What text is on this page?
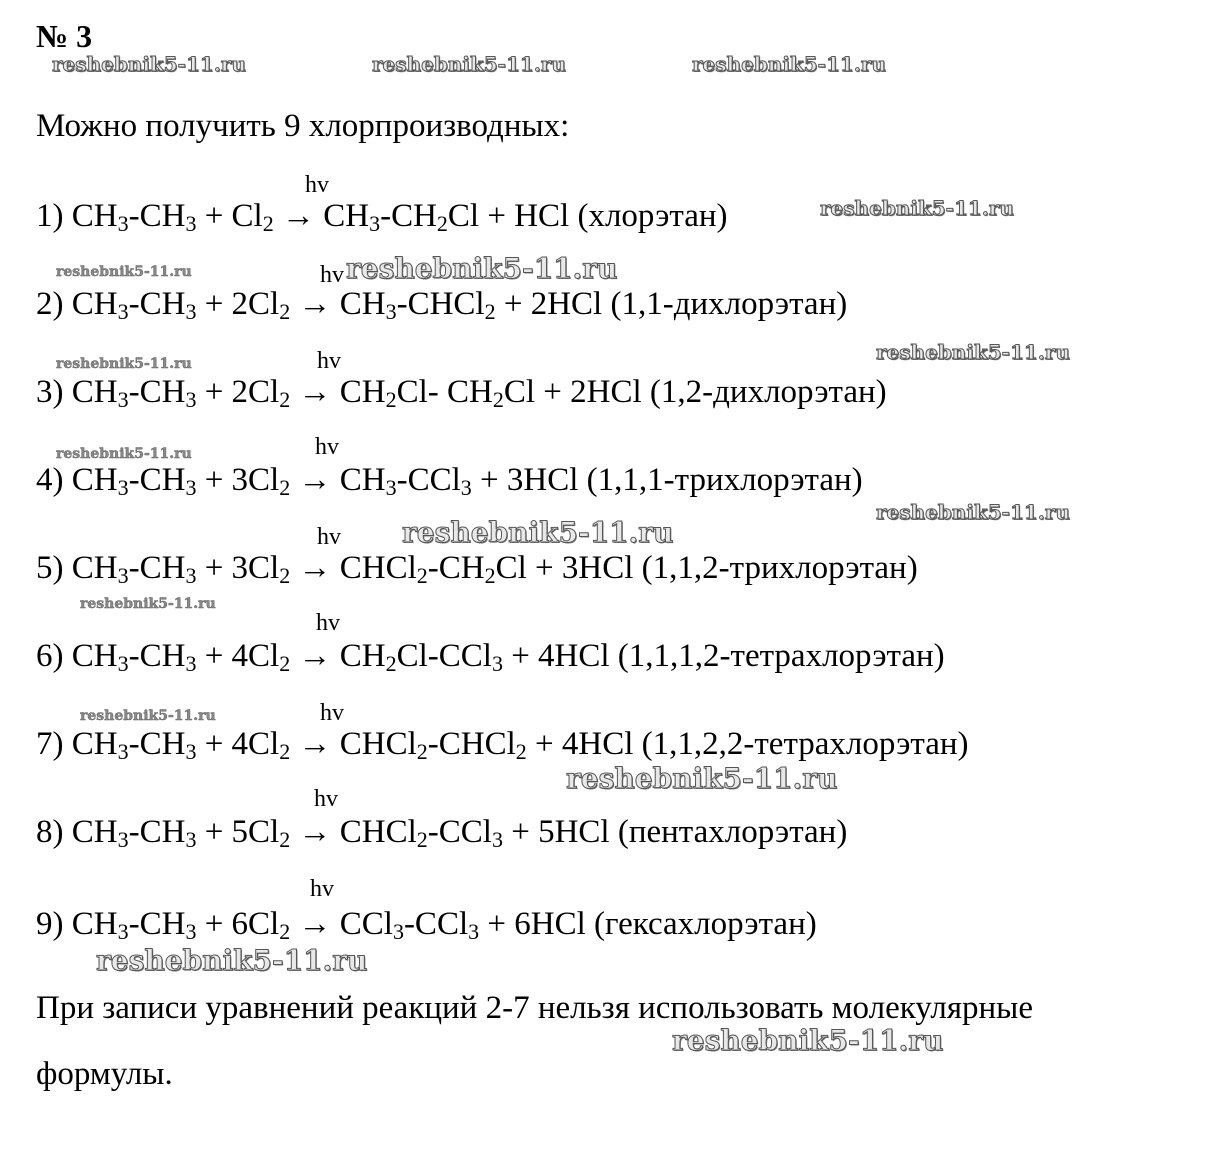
№ 3
reshebnik5-11.ru	reshebnik5-11.ru	reshebnik5-11.ru
reshebnik5-11.ru
reshebnik5-11.ru	reshebnik5-11.ru
reshebnik5-11.ru	reshebnik5-11.ru
reshebnik5-11.ru
reshebnik5-11.ru
reshebnik5-11.ru
reshebnik5-11.ru
reshebnik5-11.ru
reshebnik5-11.ru
reshebnik5-11.ru
reshebnik5-11.ru
Можно получить 9 хлорпроизводных:
hv
hv
hv
hv
hv
hv
hv
hv
hv
1) $CH_3-CH_3 + Cl_2 \to CH_3-CH_2Cl$ + HCl (хлорэтан)
2) $CH_3-CH_3 + 2Cl_2$ → $CH_3-CHCl_2 + 2HCl$ (1,1-дихлорэтан)
3) $CH_3-CH_3 + 2Cl_2 \to CH_2Cl-$ $CH_2Cl + 2HCl$ (1,2-дихлорэтан)
4) $CH_3-CH_3 + 3Cl_2 \to CH_3-CCl_3 + 3HCl$ (1,1,1-трихлорэтан)
5) $CH_3-CH_3 + 3Cl_2$ → $CHCl_2-CH_2Cl + 3HCl$ (1,1,2-трихлорэтан)
6) $CH_3-CH_3 + 4Cl_2 \to CH_2Cl-CCl_3 + 4HCl$ (1,1,1,2-тетрахлорэтан)
7) $CH_3-CH_3 + 4Cl_2$ → CHCl$_2$-CHCl$_2$ + 4HCl (1,1,2,2-тетрахлорэтан)
8) $CH_3-CH_3 + 5Cl_2$ → CHCl$_2$-CCl$_3$ + 5HCl (пентахлорэтан)
9) $CH_3-CH_3 + 6Cl_2 \to CCl_3-CCl_3 + 6HCl$ (гексахлорэтан)
При записи уравнений реакций 2-7 нельзя использовать молекулярные
формулы.
